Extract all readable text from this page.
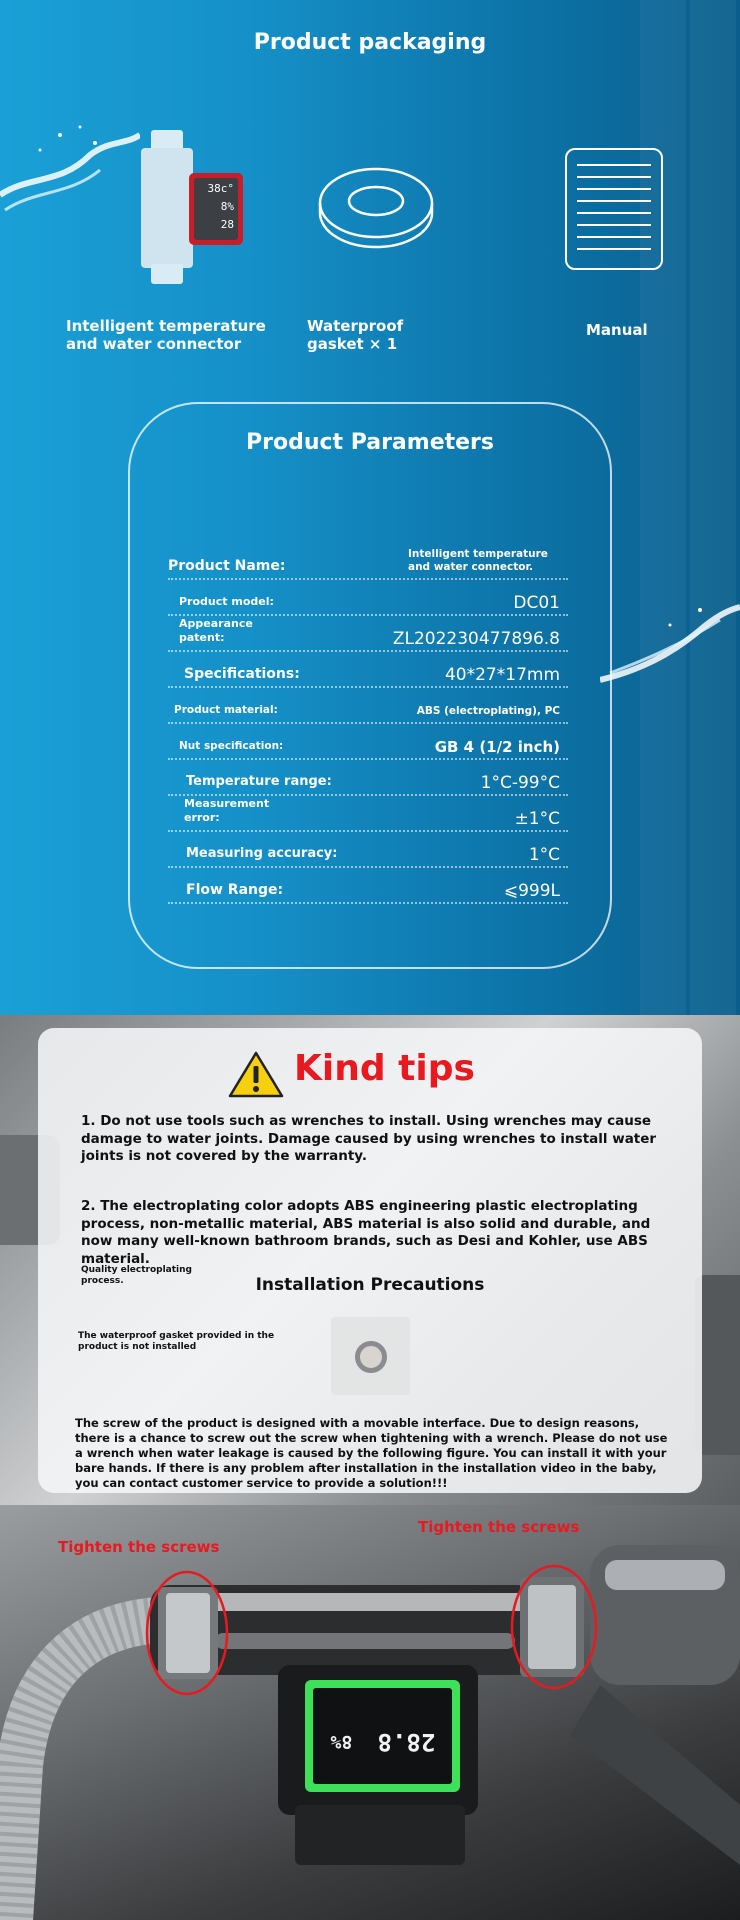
Product packaging
38c°
8%
28
Intelligent temperature and water connector
Waterproof gasket × 1
Manual
Product Parameters
Product Name:
Intelligent temperature and water connector.
Product model:	DC01
Appearance patent:	ZL202230477896.8
Specifications:	40*27*17mm
Product material:	ABS (electroplating), PC
Nut specification:	GB 4 (1/2 inch)
Temperature range:	1°C-99°C
Measurement error:	±1°C
Measuring accuracy:	1°C
Flow Range:	⩽999L
Kind tips
1. Do not use tools such as wrenches to install. Using wrenches may cause damage to water joints. Damage caused by using wrenches to install water joints is not covered by the warranty.
2. The electroplating color adopts ABS engineering plastic electroplating process, non-metallic material, ABS material is also solid and durable, and now many well-known bathroom brands, such as Desi and Kohler, use ABS material.
Quality electroplating process.	Installation Precautions
The waterproof gasket provided in the product is not installed
The screw of the product is designed with a movable interface. Due to design reasons, there is a chance to screw out the screw when tightening with a wrench. Please do not use a wrench when water leakage is caused by the following figure. You can install it with your bare hands. If there is any problem after installation in the installation video in the baby, you can contact customer service to provide a solution!!!
28.8
8%
Tighten the screws
Tighten the screws
